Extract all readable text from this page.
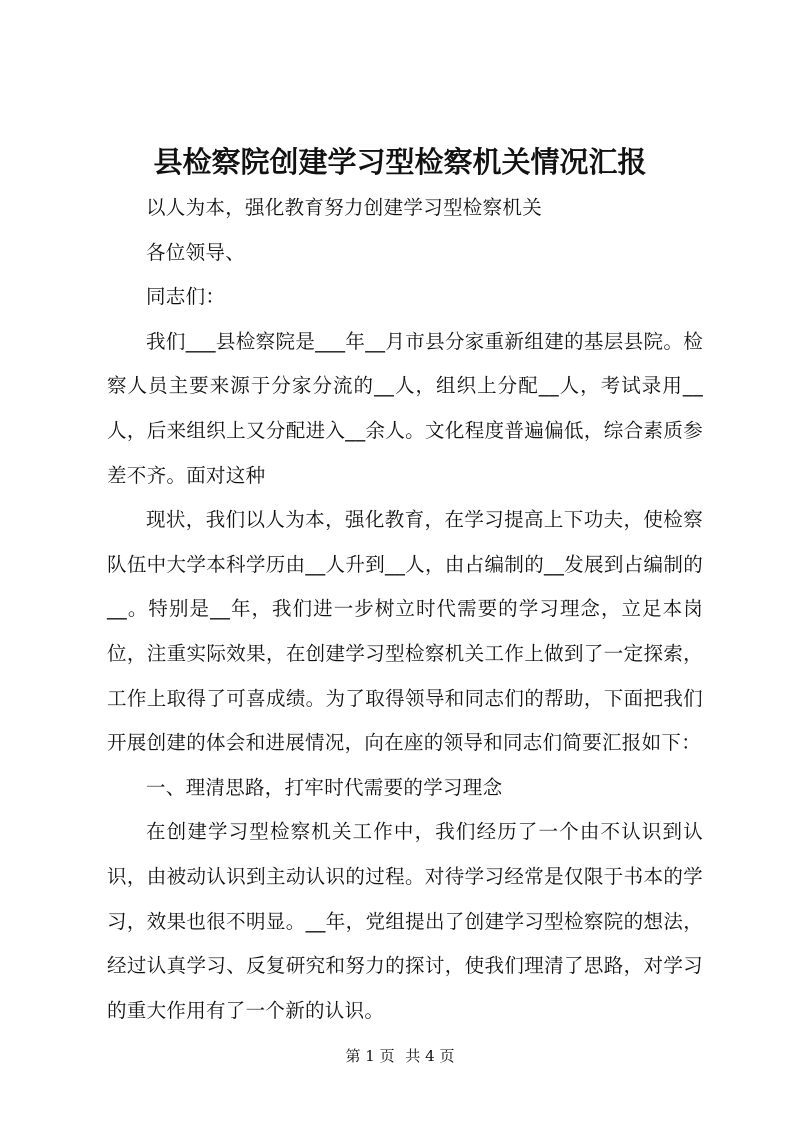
县检察院创建学习型检察机关情况汇报

以人为本，强化教育努力创建学习型检察机关

各位领导、

同志们：

我们___县检察院是___年__月市县分家重新组建的基层县院。检察人员主要来源于分家分流的__人，组织上分配__人，考试录用__人，后来组织上又分配进入__余人。文化程度普遍偏低，综合素质参差不齐。面对这种

现状，我们以人为本，强化教育，在学习提高上下功夫，使检察队伍中大学本科学历由__人升到__人，由占编制的__发展到占编制的__。特别是__年，我们进一步树立时代需要的学习理念，立足本岗位，注重实际效果，在创建学习型检察机关工作上做到了一定探索，工作上取得了可喜成绩。为了取得领导和同志们的帮助，下面把我们开展创建的体会和进展情况，向在座的领导和同志们简要汇报如下：

一、理清思路，打牢时代需要的学习理念

在创建学习型检察机关工作中，我们经历了一个由不认识到认识，由被动认识到主动认识的过程。对待学习经常是仅限于书本的学习，效果也很不明显。__年，党组提出了创建学习型检察院的想法，经过认真学习、反复研究和努力的探讨，使我们理清了思路，对学习的重大作用有了一个新的认识。

第 1 页 共 4 页
